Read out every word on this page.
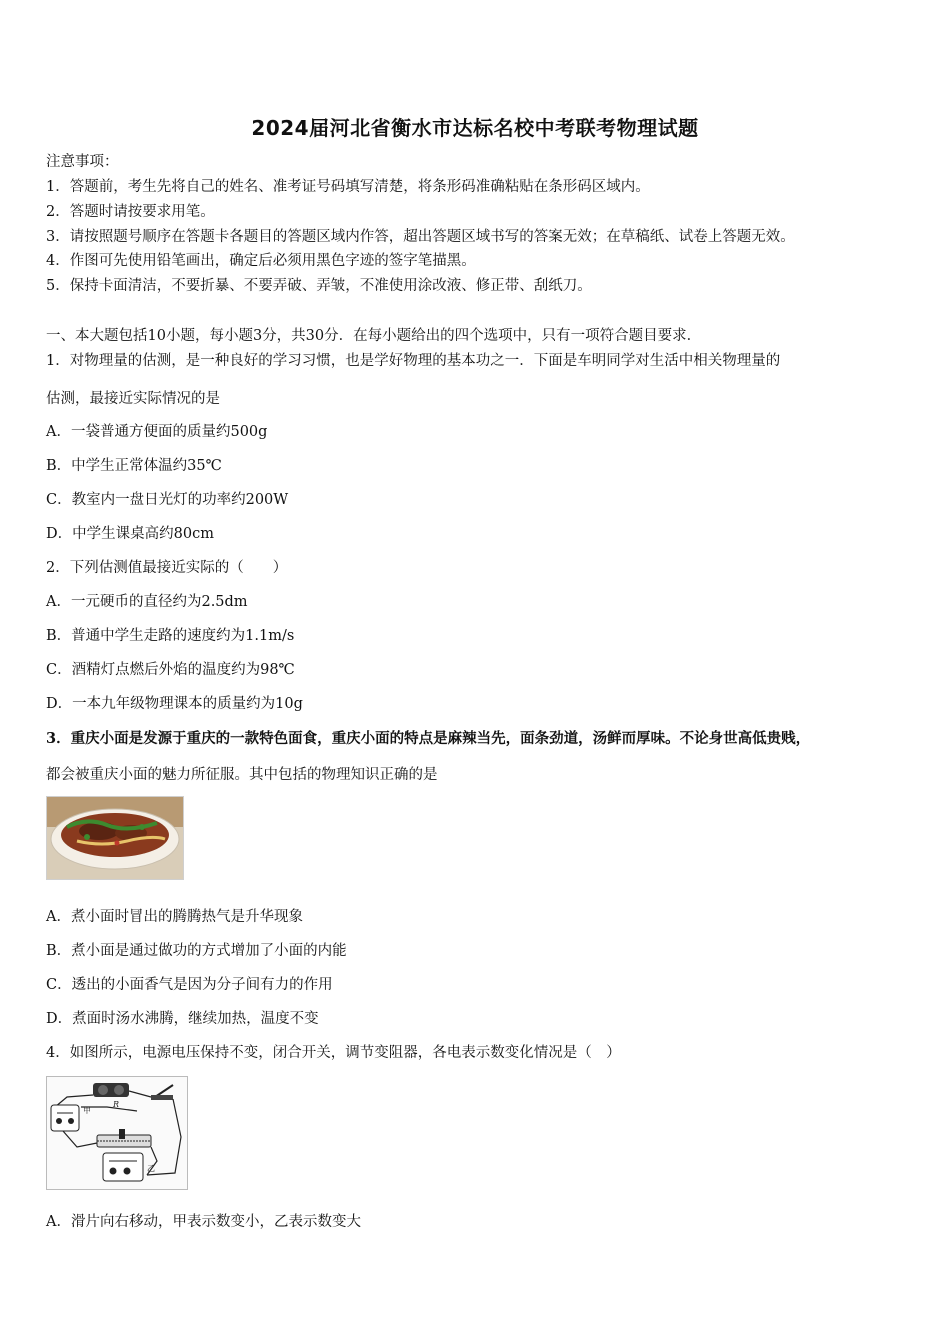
2024届河北省衡水市达标名校中考联考物理试题
注意事项：
1．答题前，考生先将自己的姓名、准考证号码填写清楚，将条形码准确粘贴在条形码区域内。
2．答题时请按要求用笔。
3．请按照题号顺序在答题卡各题目的答题区域内作答，超出答题区域书写的答案无效；在草稿纸、试卷上答题无效。
4．作图可先使用铅笔画出，确定后必须用黑色字迹的签字笔描黑。
5．保持卡面清洁，不要折暴、不要弄破、弄皱，不准使用涂改液、修正带、刮纸刀。
一、本大题包括10小题，每小题3分，共30分．在每小题给出的四个选项中，只有一项符合题目要求．
1．对物理量的估测，是一种良好的学习习惯，也是学好物理的基本功之一．下面是车明同学对生活中相关物理量的
估测，最接近实际情况的是
A．一袋普通方便面的质量约500g
B．中学生正常体温约35℃
C．教室内一盘日光灯的功率约200W
D．中学生课桌高约80cm
2．下列估测值最接近实际的（　　）
A．一元硬币的直径约为2.5dm
B．普通中学生走路的速度约为1.1m/s
C．酒精灯点燃后外焰的温度约为98℃
D．一本九年级物理课本的质量约为10g
3．重庆小面是发源于重庆的一款特色面食，重庆小面的特点是麻辣当先，面条劲道，汤鲜而厚味。不论身世高低贵贱，
都会被重庆小面的魅力所征服。其中包括的物理知识正确的是
A．煮小面时冒出的腾腾热气是升华现象
B．煮小面是通过做功的方式增加了小面的内能
C．透出的小面香气是因为分子间有力的作用
D．煮面时汤水沸腾，继续加热，温度不变
4．如图所示，电源电压保持不变，闭合开关，调节变阻器，各电表示数变化情况是（　）
甲
R
乙
A．滑片向右移动，甲表示数变小，乙表示数变大
